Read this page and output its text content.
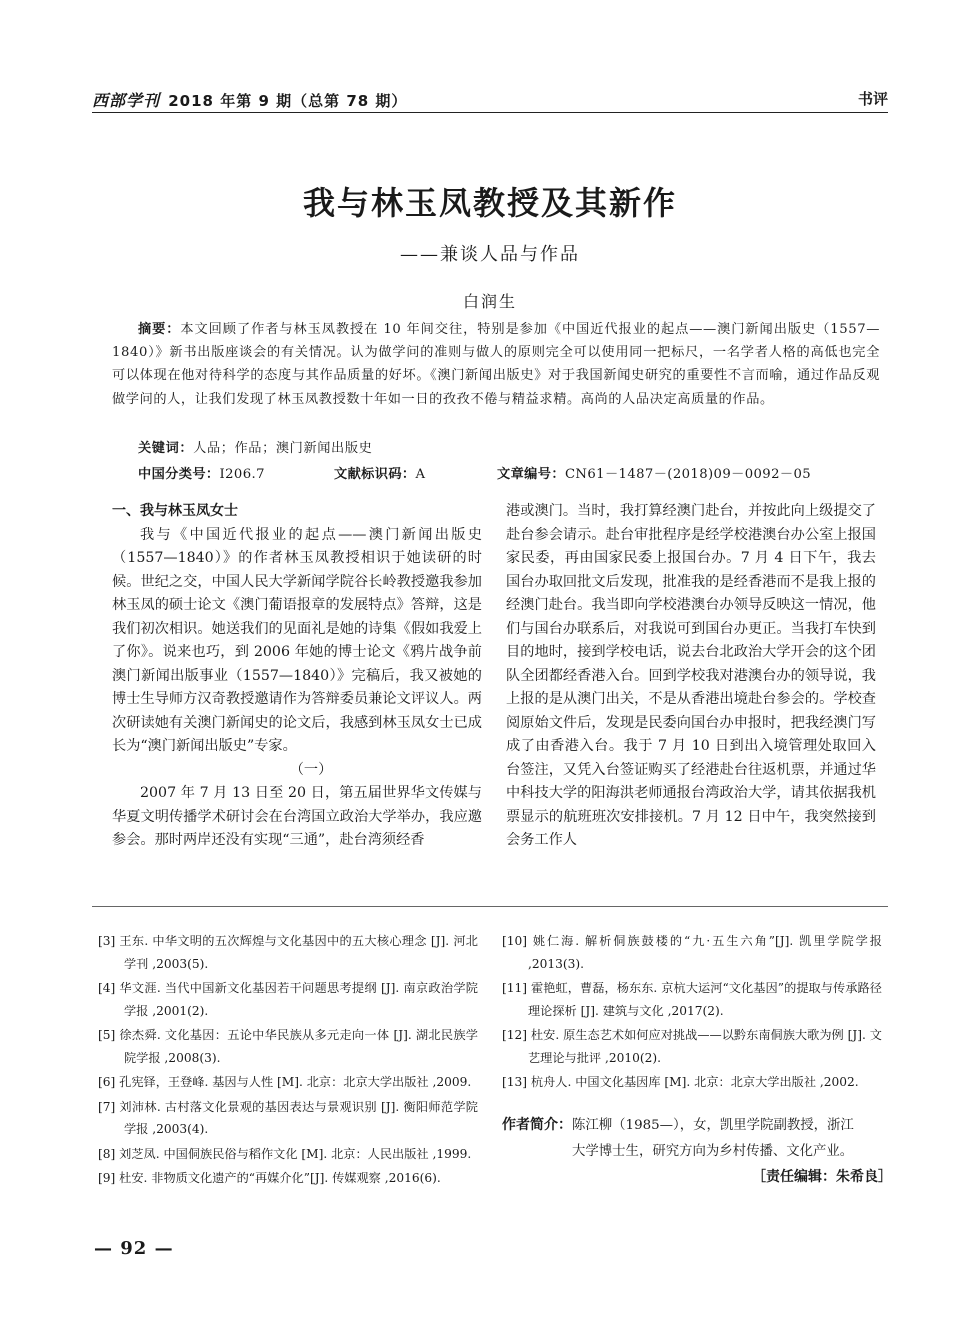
西部学刊 2018 年第 9 期（总第 78 期）	书评
我与林玉凤教授及其新作
——兼谈人品与作品
白润生
摘要：本文回顾了作者与林玉凤教授在 10 年间交往，特别是参加《中国近代报业的起点——澳门新闻出版史（1557—1840）》新书出版座谈会的有关情况。认为做学问的准则与做人的原则完全可以使用同一把标尺，一名学者人格的高低也完全可以体现在他对待科学的态度与其作品质量的好坏。《澳门新闻出版史》对于我国新闻史研究的重要性不言而喻，通过作品反观做学问的人，让我们发现了林玉凤教授数十年如一日的孜孜不倦与精益求精。高尚的人品决定高质量的作品。
关键词：人品；作品；澳门新闻出版史
中国分类号：I206.7	文献标识码：A	文章编号：CN61－1487－(2018)09－0092－05

一、我与林玉凤女士

我与《中国近代报业的起点——澳门新闻出版史（1557—1840）》的作者林玉凤教授相识于她读研的时候。世纪之交，中国人民大学新闻学院谷长岭教授邀我参加林玉凤的硕士论文《澳门葡语报章的发展特点》答辩，这是我们初次相识。她送我们的见面礼是她的诗集《假如我爱上了你》。说来也巧，到 2006 年她的博士论文《鸦片战争前澳门新闻出版事业（1557—1840）》完稿后，我又被她的博士生导师方汉奇教授邀请作为答辩委员兼论文评议人。两次研读她有关澳门新闻史的论文后，我感到林玉凤女士已成长为“澳门新闻出版史”专家。

（一）

2007 年 7 月 13 日至 20 日，第五届世界华文传媒与华夏文明传播学术研讨会在台湾国立政治大学举办，我应邀参会。那时两岸还没有实现“三通”，赴台湾须经香

港或澳门。当时，我打算经澳门赴台，并按此向上级提交了赴台参会请示。赴台审批程序是经学校港澳台办公室上报国家民委，再由国家民委上报国台办。7 月 4 日下午，我去国台办取回批文后发现，批准我的是经香港而不是我上报的经澳门赴台。我当即向学校港澳台办领导反映这一情况，他们与国台办联系后，对我说可到国台办更正。当我打车快到目的地时，接到学校电话，说去台北政治大学开会的这个团队全团都经香港入台。回到学校我对港澳台办的领导说，我上报的是从澳门出关，不是从香港出境赴台参会的。学校查阅原始文件后，发现是民委向国台办申报时，把我经澳门写成了由香港入台。我于 7 月 10 日到出入境管理处取回入台签注，又凭入台签证购买了经港赴台往返机票，并通过华中科技大学的阳海洪老师通报台湾政治大学，请其依据我机票显示的航班班次安排接机。7 月 12 日中午，我突然接到会务工作人

[3] 王东. 中华文明的五次辉煌与文化基因中的五大核心理念 [J]. 河北学刊 ,2003(5).

[4] 华文涯. 当代中国新文化基因若干问题思考提纲 [J]. 南京政治学院学报 ,2001(2).

[5] 徐杰舜. 文化基因：五论中华民族从多元走向一体 [J]. 湖北民族学院学报 ,2008(3).

[6] 孔宪铎，王登峰. 基因与人性 [M]. 北京：北京大学出版社 ,2009.

[7] 刘沛林. 古村落文化景观的基因表达与景观识别 [J]. 衡阳师范学院学报 ,2003(4).

[8] 刘芝凤. 中国侗族民俗与稻作文化 [M]. 北京：人民出版社 ,1999.

[9] 杜安. 非物质文化遗产的“再媒介化”[J]. 传媒观察 ,2016(6).

[10] 姚仁海. 解析侗族鼓楼的“九·五生六角”[J]. 凯里学院学报 ,2013(3).

[11] 霍艳虹，曹磊，杨东东. 京杭大运河“文化基因”的提取与传承路径理论探析 [J]. 建筑与文化 ,2017(2).

[12] 杜安. 原生态艺术如何应对挑战——以黔东南侗族大歌为例 [J]. 文艺理论与批评 ,2010(2).

[13] 杭舟人. 中国文化基因库 [M]. 北京：北京大学出版社 ,2002.

作者简介：陈江柳（1985—），女，凯里学院副教授，浙江
大学博士生，研究方向为乡村传播、文化产业。
［责任编辑：朱希良］
— 92 —
